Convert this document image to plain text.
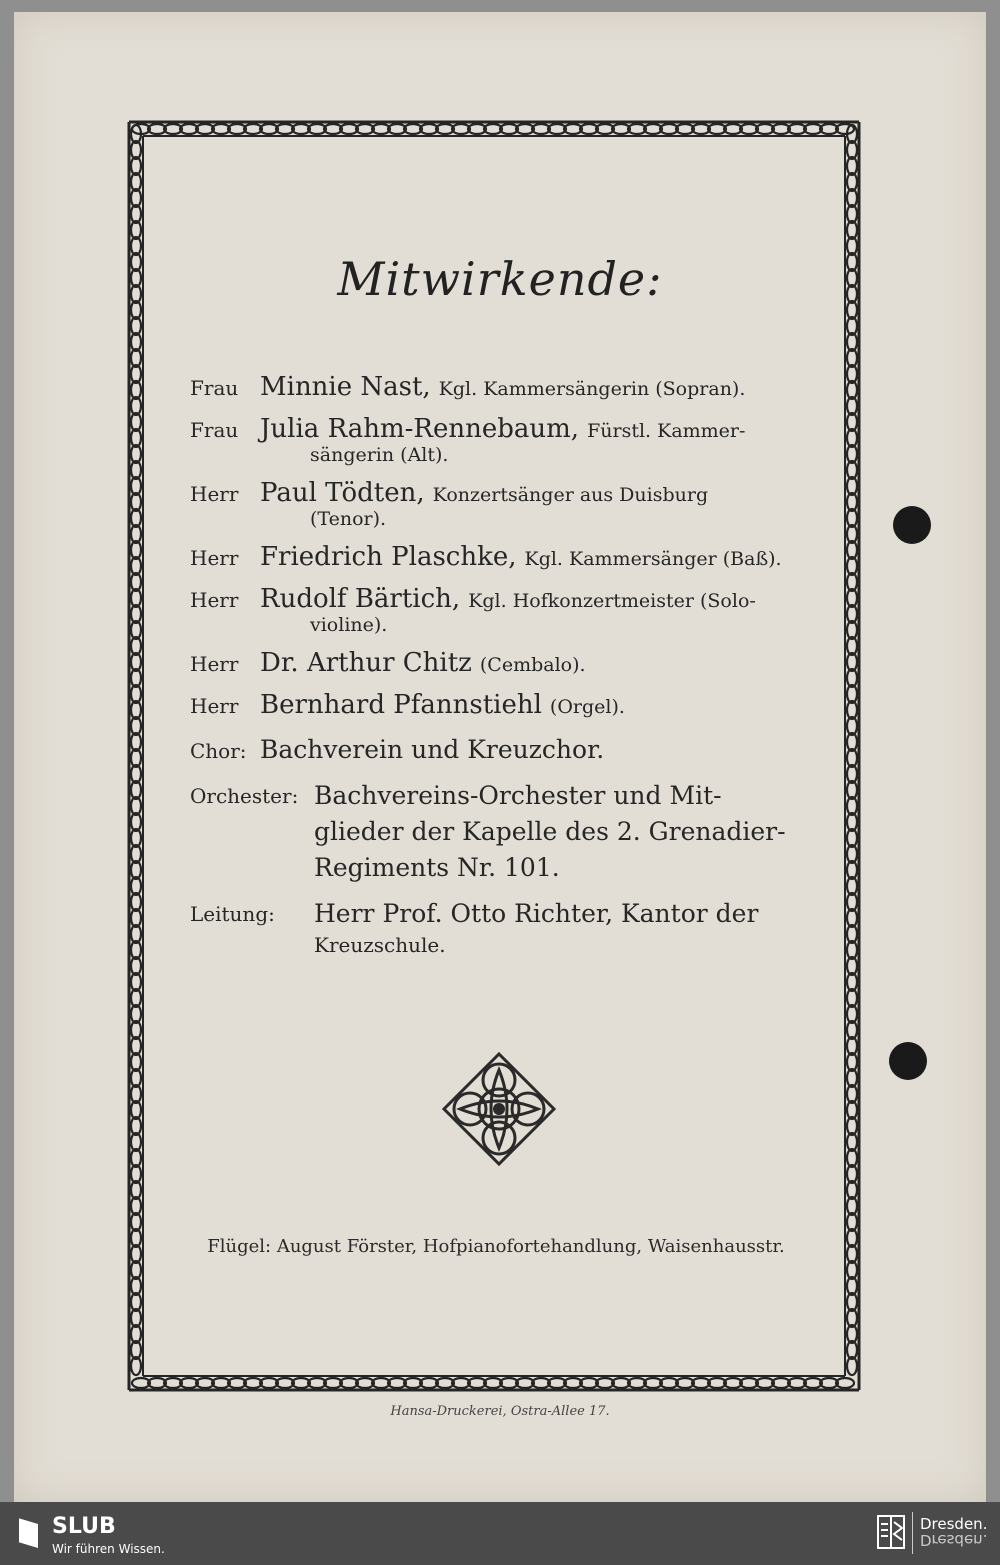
Mitwirkende:
Frau Minnie Nast, Kgl. Kammersängerin (Sopran).
Frau Julia Rahm-Rennebaum, Fürstl. Kammer-
sängerin (Alt).
Herr Paul Tödten, Konzertsänger aus Duisburg
(Tenor).
Herr Friedrich Plaschke, Kgl. Kammersänger (Baß).
Herr Rudolf Bärtich, Kgl. Hofkonzertmeister (Solo-
violine).
Herr Dr. Arthur Chitz (Cembalo).
Herr Bernhard Pfannstiehl (Orgel).
Chor: Bachverein und Kreuzchor.
Orchester: Bachvereins-Orchester und Mit-
glieder der Kapelle des 2. Grenadier-
Regiments Nr. 101.
Leitung:	Herr Prof. Otto Richter, Kantor der
Kreuzschule.
Flügel: August Förster, Hofpianofortehandlung, Waisenhausstr.
Hansa-Druckerei, Ostra-Allee 17.
SLUB
Wir führen Wissen.
Dresden.
Dresden.
